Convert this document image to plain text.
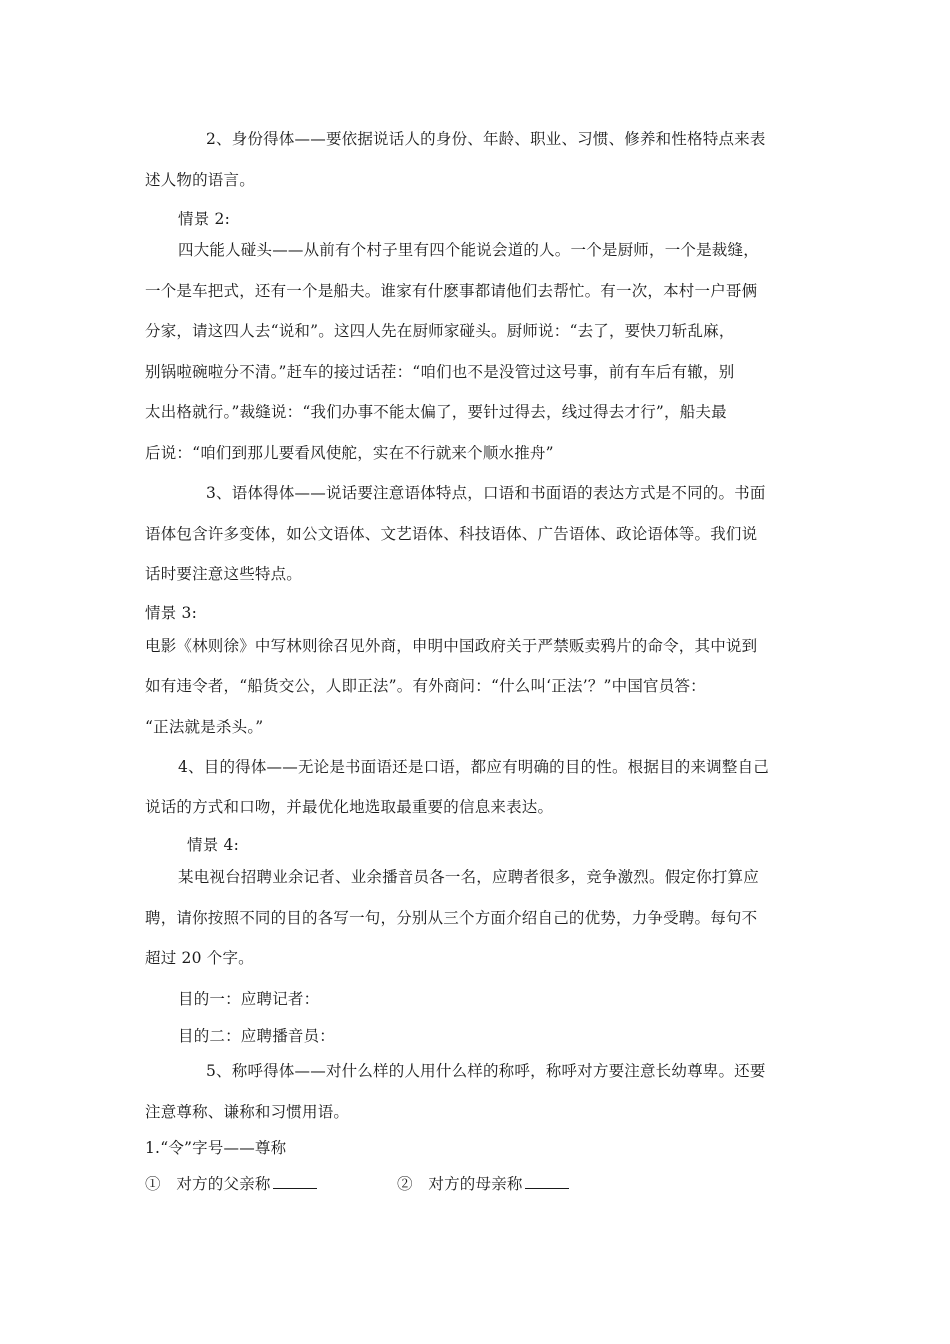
2、身份得体——要依据说话人的身份、年龄、职业、习惯、修养和性格特点来表
述人物的语言。
情景 2:
四大能人碰头——从前有个村子里有四个能说会道的人。一个是厨师，一个是裁缝，
一个是车把式，还有一个是船夫。谁家有什麽事都请他们去帮忙。有一次，本村一户哥俩
分家，请这四人去“说和”。这四人先在厨师家碰头。厨师说：“去了，要快刀斩乱麻，
别锅啦碗啦分不清。”赶车的接过话茬：“咱们也不是没管过这号事，前有车后有辙，别
太出格就行。”裁缝说：“我们办事不能太偏了，要针过得去，线过得去才行”，船夫最
后说：“咱们到那儿要看风使舵，实在不行就来个顺水推舟”
3、语体得体——说话要注意语体特点，口语和书面语的表达方式是不同的。书面
语体包含许多变体，如公文语体、文艺语体、科技语体、广告语体、政论语体等。我们说
话时要注意这些特点。
情景 3:
电影《林则徐》中写林则徐召见外商，申明中国政府关于严禁贩卖鸦片的命令，其中说到
如有违令者，“船货交公，人即正法”。有外商问：“什么叫‘正法’？”中国官员答：
“正法就是杀头。”
4、目的得体——无论是书面语还是口语，都应有明确的目的性。根据目的来调整自己
说话的方式和口吻，并最优化地选取最重要的信息来表达。
情景 4:
某电视台招聘业余记者、业余播音员各一名，应聘者很多，竞争激烈。假定你打算应
聘，请你按照不同的目的各写一句，分别从三个方面介绍自己的优势，力争受聘。每句不
超过 20 个字。
目的一：应聘记者：
目的二：应聘播音员：
5、称呼得体——对什么样的人用什么样的称呼，称呼对方要注意长幼尊卑。还要
注意尊称、谦称和习惯用语。
1.“令”字号——尊称
①　对方的父亲称	②　对方的母亲称
